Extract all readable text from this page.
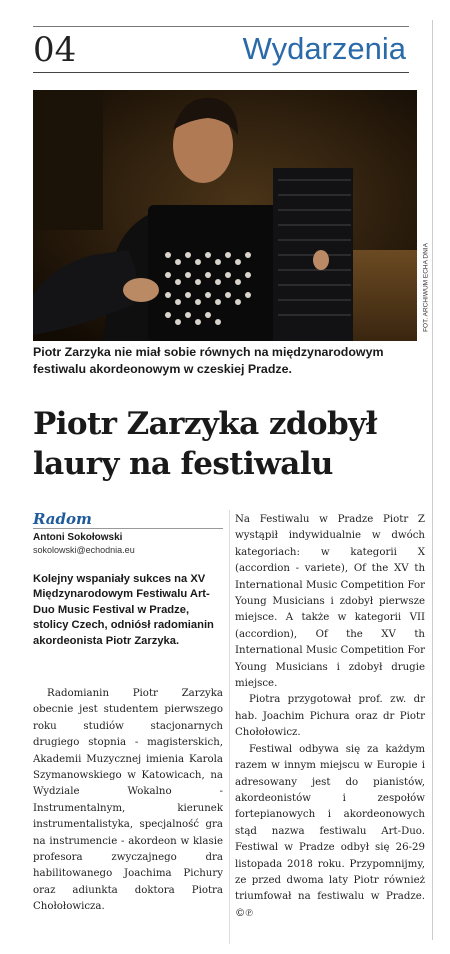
04	Wydarzenia
FOT. ARCHIWUM ECHA DNIA
Piotr Zarzyka nie miał sobie równych na międzynarodowym festiwalu akordeonowym w czeskiej Pradze.
Piotr Zarzyka zdobył laury na festiwalu
Radom
Antoni Sokołowski
sokolowski@echodnia.eu
Kolejny wspaniały sukces na XV Międzynarodowym Festiwalu Art-Duo Music Festival w Pradze, stolicy Czech, odniósł radomianin akordeonista Piotr Zarzyka.

Radomianin Piotr Zarzyka obecnie jest studentem pierwszego roku studiów stacjonarnych drugiego stopnia - magisterskich, Akademii Muzycznej imienia Karola Szymanowskiego w Katowicach, na Wydziale Wokalno - Instrumentalnym, kierunek instrumentalistyka, specjalność gra na instrumencie - akordeon w klasie profesora zwyczajnego dra habilitowanego Joachima Pichury oraz adiunkta doktora Piotra Chołołowicza.

Na Festiwalu w Pradze Piotr Z wystąpił indywidualnie w dwóch kategoriach: w kategorii X (accordion - variete), Of the XV th International Music Competition For Young Musicians i zdobył pierwsze miejsce. A także w kategorii VII (accordion), Of the XV th International Music Competition For Young Musicians i zdobył drugie miejsce.

Piotra przygotował prof. zw. dr hab. Joachim Pichura oraz dr Piotr Chołołowicz.

Festiwal odbywa się za każdym razem w innym miejscu w Europie i adresowany jest do pianistów, akordeonistów i zespołów fortepianowych i akordeonowych stąd nazwa festiwalu Art-Duo. Festiwal w Pradze odbył się 26-29 listopada 2018 roku. Przypomnijmy, ze przed dwoma laty Piotr również triumfował na festiwalu w Pradze. ©℗
